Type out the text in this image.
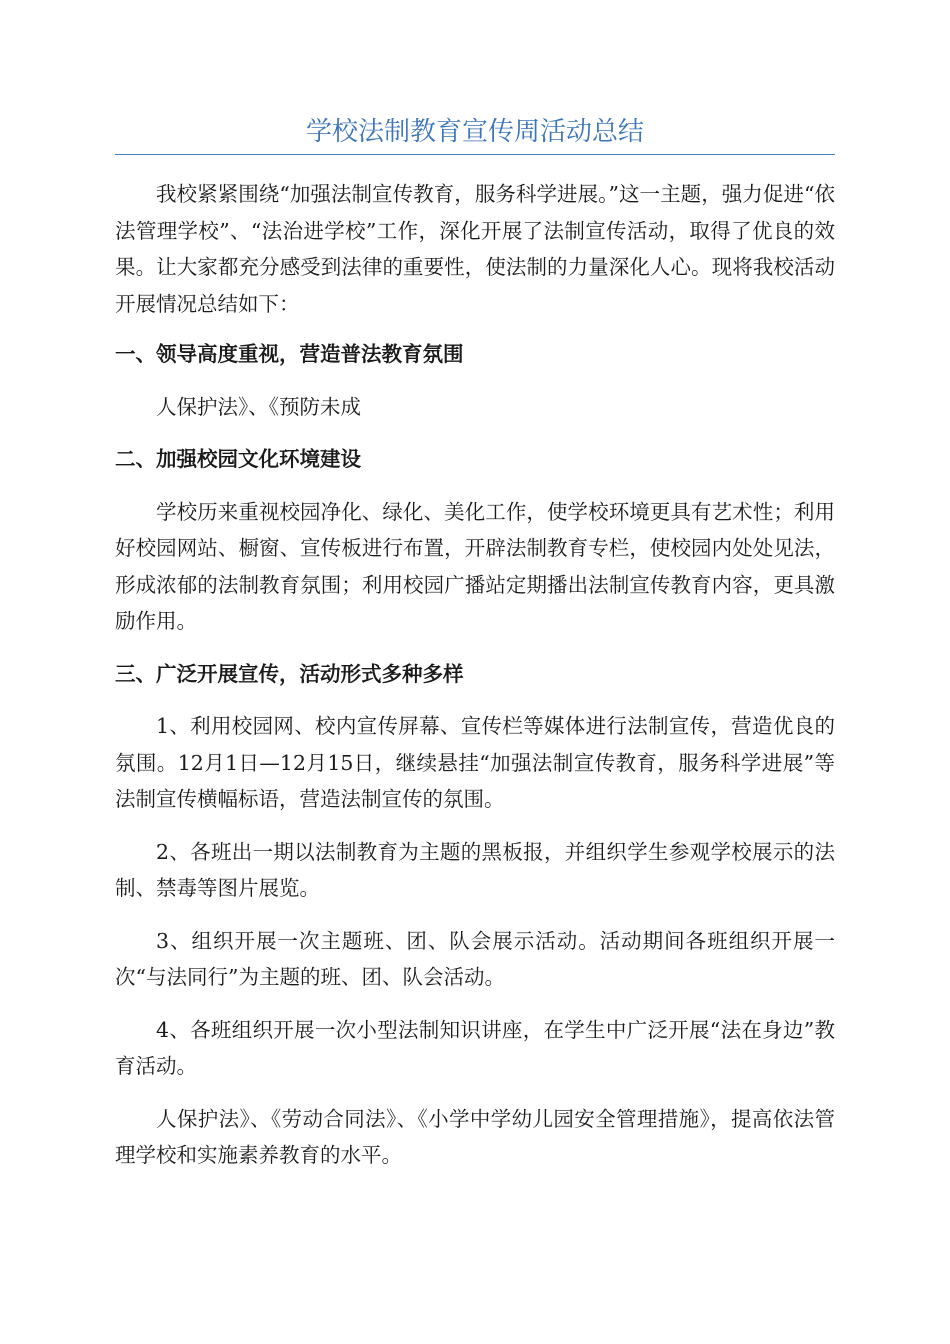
学校法制教育宣传周活动总结

我校紧紧围绕“加强法制宣传教育，服务科学进展。”这一主题，强力促进“依法管理学校”、“法治进学校”工作，深化开展了法制宣传活动，取得了优良的效果。让大家都充分感受到法律的重要性，使法制的力量深化人心。现将我校活动开展情况总结如下：

一、领导高度重视，营造普法教育氛围

人保护法》、《预防未成

二、加强校园文化环境建设

学校历来重视校园净化、绿化、美化工作，使学校环境更具有艺术性；利用好校园网站、橱窗、宣传板进行布置，开辟法制教育专栏，使校园内处处见法，形成浓郁的法制教育氛围；利用校园广播站定期播出法制宣传教育内容，更具激励作用。

三、广泛开展宣传，活动形式多种多样

1、利用校园网、校内宣传屏幕、宣传栏等媒体进行法制宣传，营造优良的氛围。12月1日—12月15日，继续悬挂“加强法制宣传教育，服务科学进展”等法制宣传横幅标语，营造法制宣传的氛围。

2、各班出一期以法制教育为主题的黑板报，并组织学生参观学校展示的法制、禁毒等图片展览。

3、组织开展一次主题班、团、队会展示活动。活动期间各班组织开展一次“与法同行”为主题的班、团、队会活动。

4、各班组织开展一次小型法制知识讲座，在学生中广泛开展“法在身边”教育活动。

人保护法》、《劳动合同法》、《小学中学幼儿园安全管理措施》，提高依法管理学校和实施素养教育的水平。
